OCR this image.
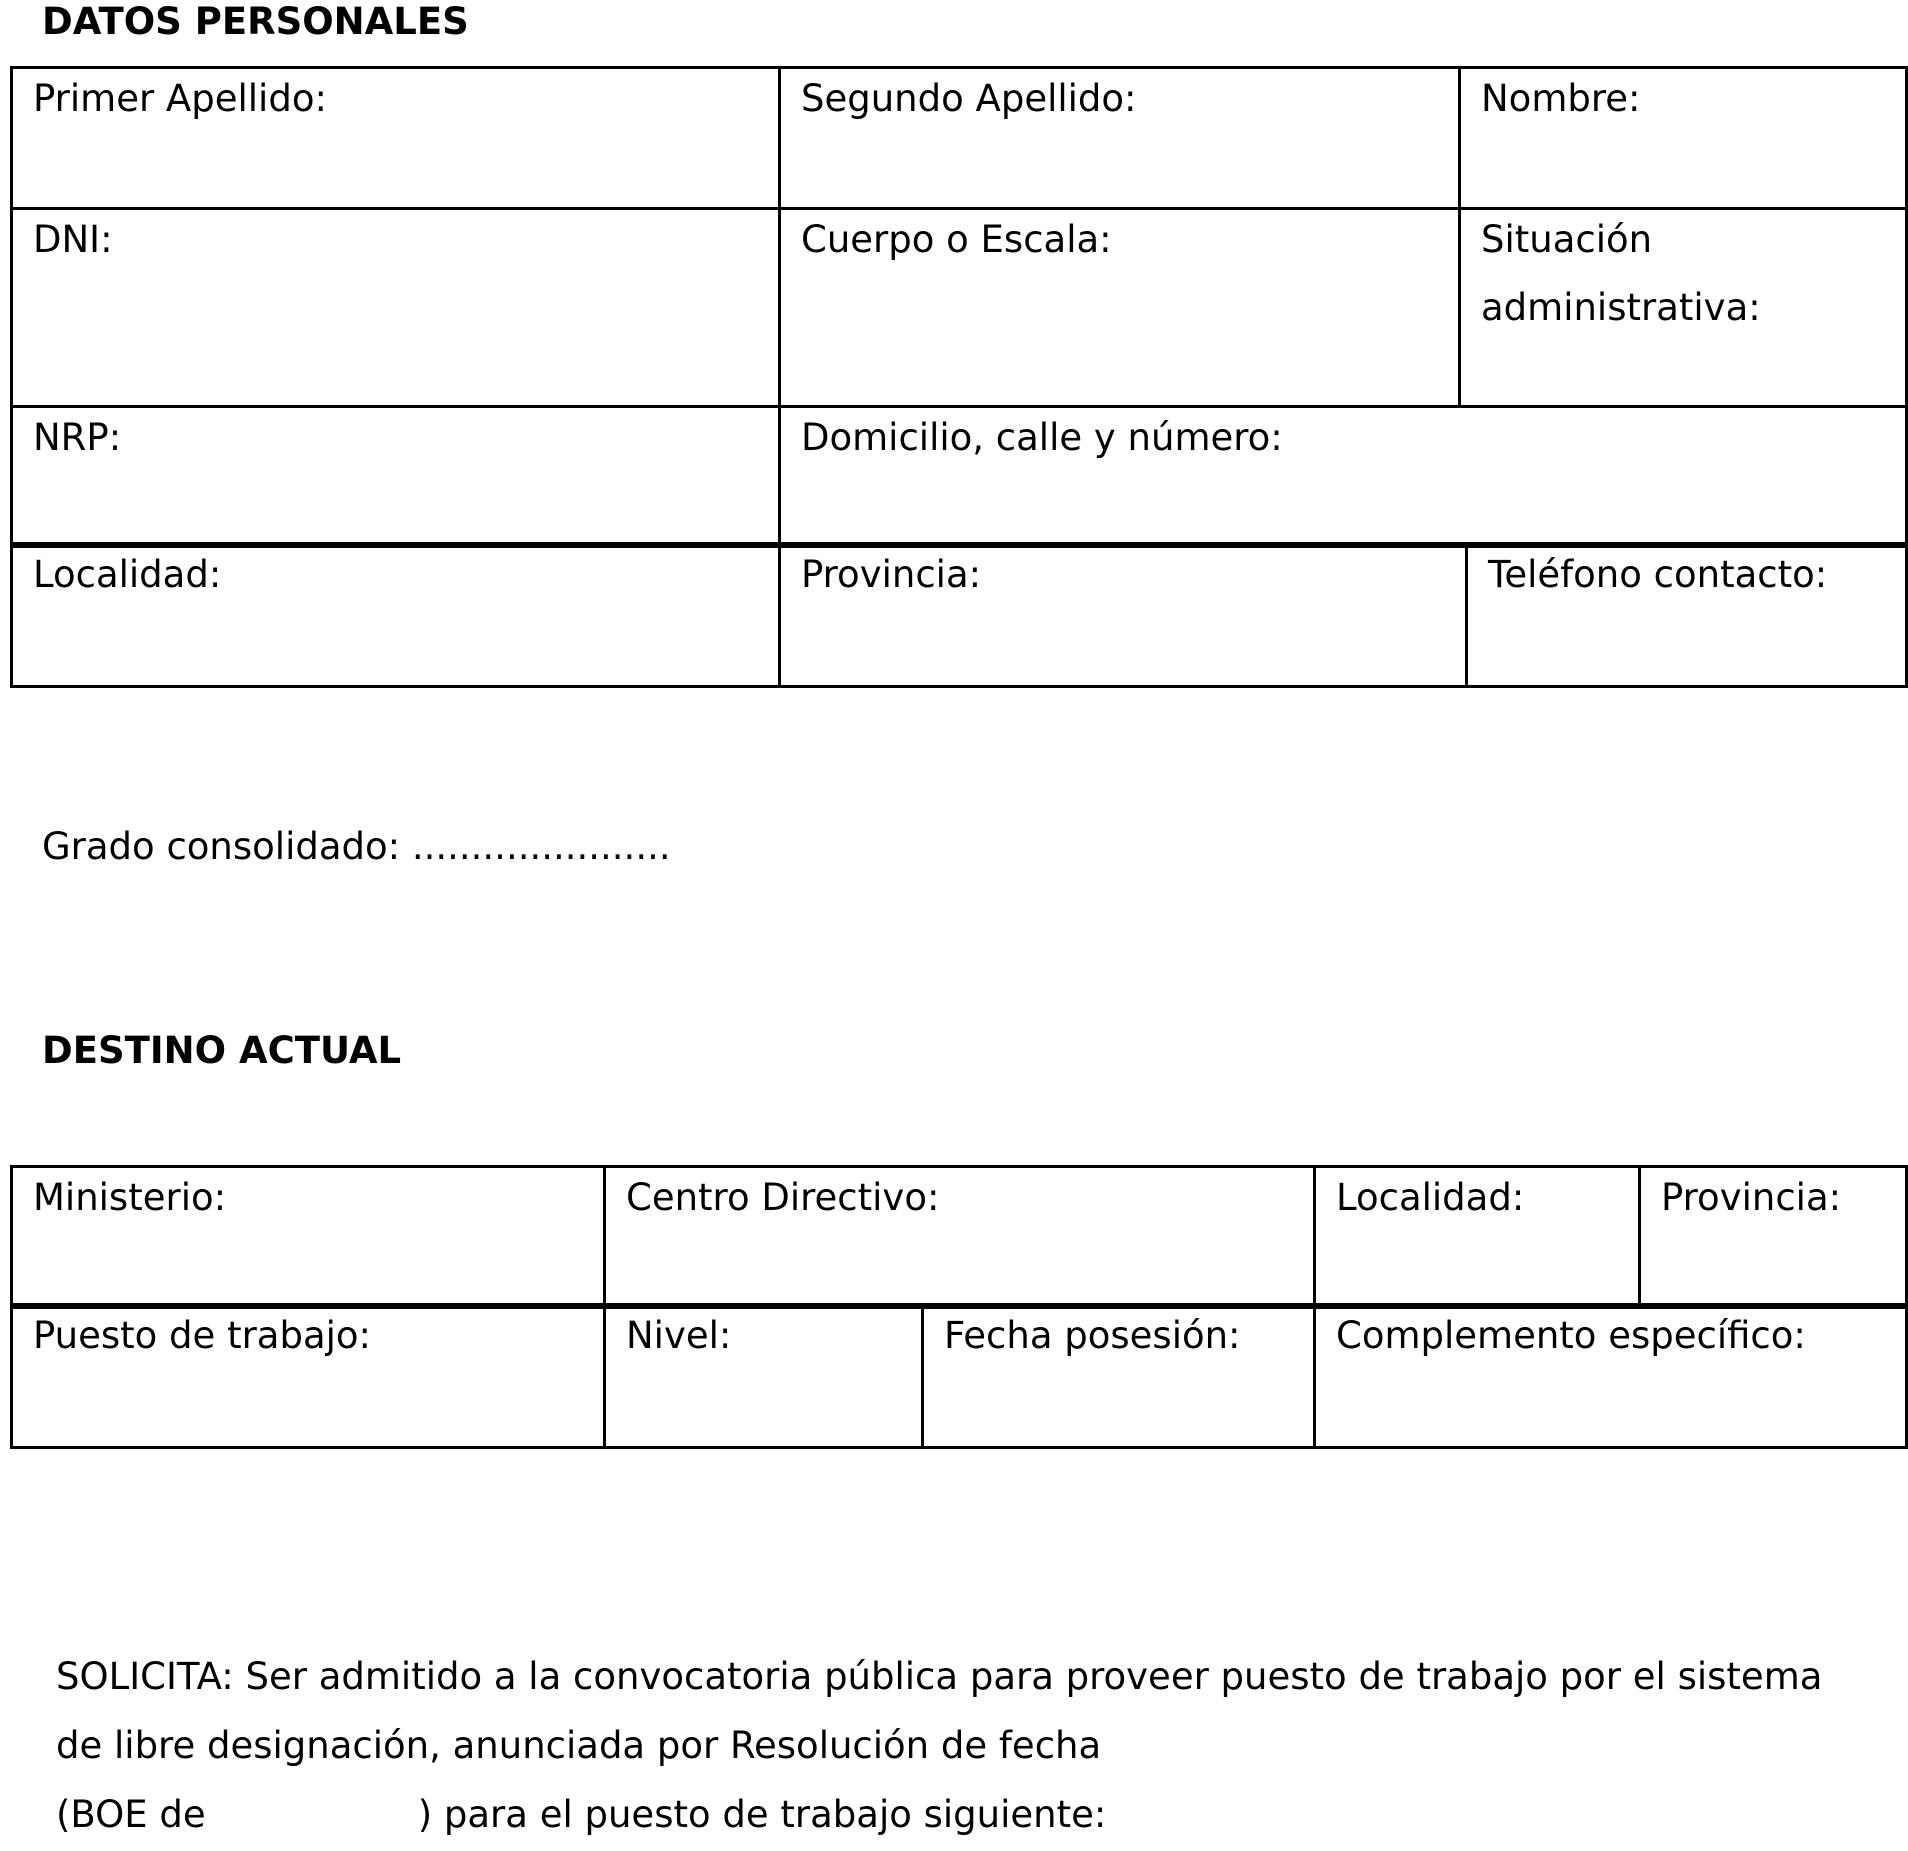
DATOS PERSONALES
Primer Apellido:	Segundo Apellido:	Nombre:

DNI:	Cuerpo o Escala:	Situación administrativa:

NRP:	Domicilio, calle y número:	
Localidad:	Provincia:	Teléfono contacto:
Grado consolidado: ......................
DESTINO ACTUAL
Ministerio:	Centro Directivo:	Localidad:	Provincia:
Puesto de trabajo:	Nivel:	Fecha posesión:	Complemento específico:
SOLICITA: Ser admitido a la convocatoria pública para proveer puesto de trabajo por el sistema
de libre designación, anunciada por Resolución de fecha
(BOE de	) para el puesto de trabajo siguiente:
